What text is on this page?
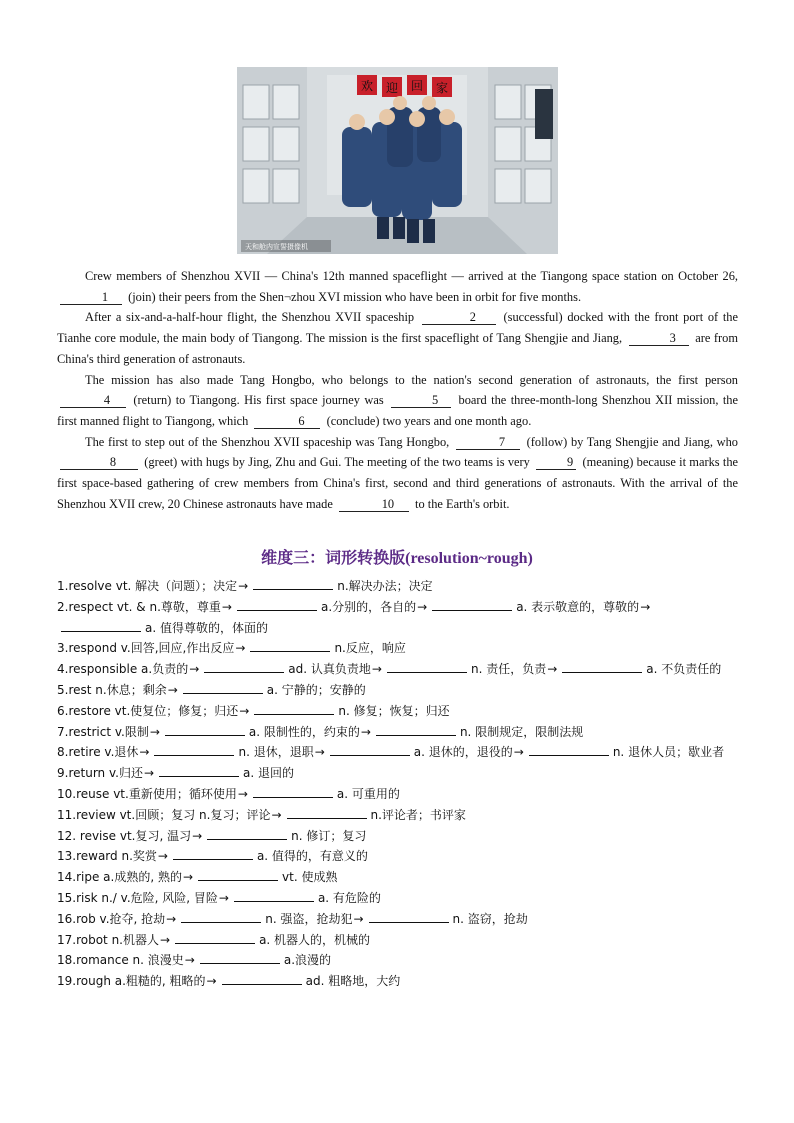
欢 迎 回 家
天和舱内宣誓摄像机

Crew members of Shenzhou XVII — China's 12th manned spaceflight — arrived at the Tiangong space station on October 26, 1 (join) their peers from the Shen¬zhou XVI mission who have been in orbit for five months.

After a six-and-a-half-hour flight, the Shenzhou XVII spaceship	2 (successful) docked with the front port of the Tianhe core module, the main body of Tiangong. The mission is the first spaceflight of Tang Shengjie and Jiang,	3 are from China's third generation of astronauts.

The mission has also made Tang Hongbo, who belongs to the nation's second generation of astronauts, the first person 4 (return) to Tiangong. His first space journey was	5 board the three-month-long Shenzhou XII mission, the first manned flight to Tiangong, which	6 (conclude) two years and one month ago.

The first to step out of the Shenzhou XVII spaceship was Tang Hongbo,	7 (follow) by Tang Shengjie and Jiang, who 8 (greet) with hugs by Jing, Zhu and Gui. The meeting of the two teams is very	9 (meaning) because it marks the first space-based gathering of crew members from China's first, second and third generations of astronauts. With the arrival of the Shenzhou XVII crew, 20 Chinese astronauts have made	10 to the Earth's orbit.

维度三：词形转换版(resolution~rough)
1.resolve vt. 解决（问题）；决定→	n.解决办法；决定
2.respect vt. & n.尊敬，尊重→	a.分别的，各自的→	a. 表示敬意的，尊敬的→a. 值得尊敬的，体面的
3.respond v.回答,回应,作出反应→	n.反应，响应
4.responsible a.负责的→	ad. 认真负责地→	n. 责任，负责→	a. 不负责任的
5.rest n.休息；剩余→	a. 宁静的；安静的
6.restore vt.使复位；修复；归还→	n. 修复；恢复；归还
7.restrict v.限制→	a. 限制性的，约束的→	n. 限制规定，限制法规
8.retire v.退休→	n. 退休，退职→	a. 退休的，退役的→	n. 退休人员；歇业者
9.return v.归还→	a. 退回的
10.reuse vt.重新使用；循环使用→	a. 可重用的
11.review vt.回顾；复习 n.复习；评论→	n.评论者；书评家
12. revise vt.复习, 温习→	n. 修订；复习
13.reward n.奖赏→	a. 值得的，有意义的
14.ripe a.成熟的, 熟的→	vt. 使成熟
15.risk n./ v.危险, 风险, 冒险→	a. 有危险的
16.rob v.抢夺, 抢劫→	n. 强盗，抢劫犯→	n. 盗窃，抢劫
17.robot n.机器人→	a. 机器人的，机械的
18.romance n. 浪漫史→	a.浪漫的
19.rough a.粗糙的, 粗略的→	ad. 粗略地，大约
